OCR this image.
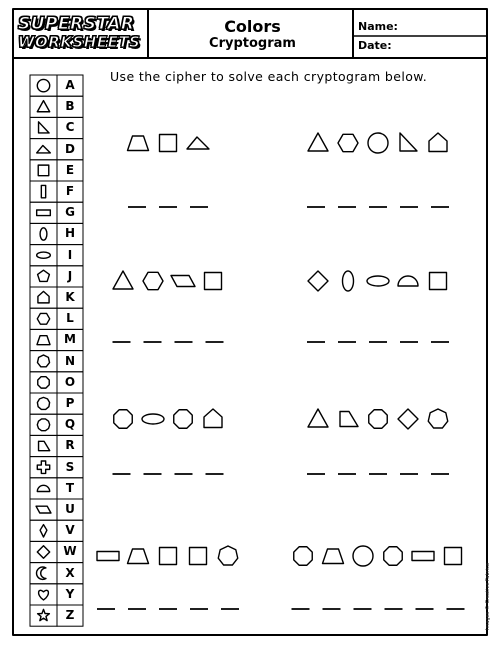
SUPERSTAR
WORKSHEETS
Colors
Cryptogram
Name:
Date:
Use the cipher to solve each cryptogram below.
A
B
C
D
E
F
G
H
I
J
K
L
M
N
O
P
Q
R
S
T
U
V
W
X
Y
Z	Images © Creative Fabrica
